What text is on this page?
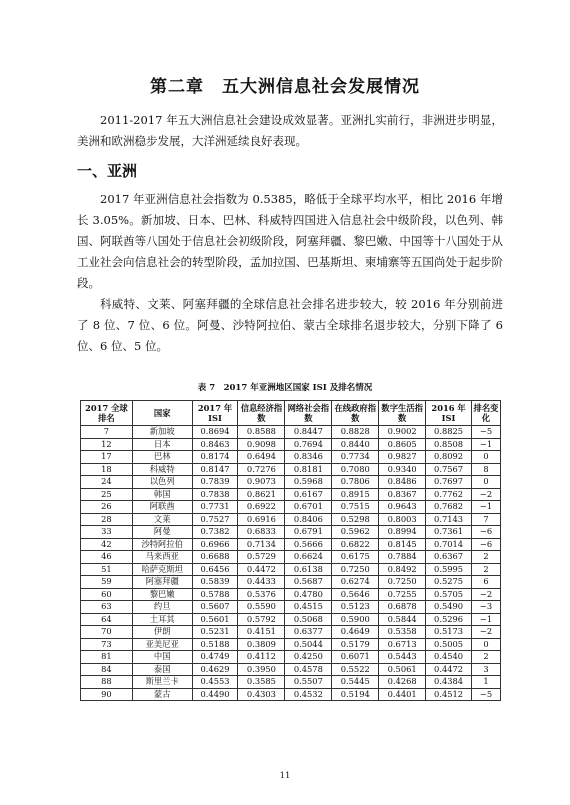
第二章 五大洲信息社会发展情况

2011-2017 年五大洲信息社会建设成效显著。亚洲扎实前行，非洲进步明显，美洲和欧洲稳步发展，大洋洲延续良好表现。

一、亚洲

2017 年亚洲信息社会指数为 0.5385，略低于全球平均水平，相比 2016 年增长 3.05%。新加坡、日本、巴林、科威特四国进入信息社会中级阶段，以色列、韩国、阿联酋等八国处于信息社会初级阶段，阿塞拜疆、黎巴嫩、中国等十八国处于从工业社会向信息社会的转型阶段，孟加拉国、巴基斯坦、柬埔寨等五国尚处于起步阶段。

科威特、文莱、阿塞拜疆的全球信息社会排名进步较大，较 2016 年分别前进了 8 位、7 位、6 位。阿曼、沙特阿拉伯、蒙古全球排名退步较大，分别下降了 6 位、6 位、5 位。

表 7　2017 年亚洲地区国家 ISI 及排名情况
2017 全球排名	国家	2017 年 ISI	信息经济指数	网络社会指数	在线政府指数	数字生活指数	2016 年 ISI	排名变化
7	新加坡	0.8694	0.8588	0.8447	0.8828	0.9002	0.8825	−5
12	日本	0.8463	0.9098	0.7694	0.8440	0.8605	0.8508	−1
17	巴林	0.8174	0.6494	0.8346	0.7734	0.9827	0.8092	0
18	科威特	0.8147	0.7276	0.8181	0.7080	0.9340	0.7567	8
24	以色列	0.7839	0.9073	0.5968	0.7806	0.8486	0.7697	0
25	韩国	0.7838	0.8621	0.6167	0.8915	0.8367	0.7762	−2
26	阿联酋	0.7731	0.6922	0.6701	0.7515	0.9643	0.7682	−1
28	文莱	0.7527	0.6916	0.8406	0.5298	0.8003	0.7143	7
33	阿曼	0.7382	0.6833	0.6791	0.5962	0.8994	0.7361	−6
42	沙特阿拉伯	0.6966	0.7134	0.5666	0.6822	0.8145	0.7014	−6
46	马来西亚	0.6688	0.5729	0.6624	0.6175	0.7884	0.6367	2
51	哈萨克斯坦	0.6456	0.4472	0.6138	0.7250	0.8492	0.5995	2
59	阿塞拜疆	0.5839	0.4433	0.5687	0.6274	0.7250	0.5275	6
60	黎巴嫩	0.5788	0.5376	0.4780	0.5646	0.7255	0.5705	−2
63	约旦	0.5607	0.5590	0.4515	0.5123	0.6878	0.5490	−3
64	土耳其	0.5601	0.5792	0.5068	0.5900	0.5844	0.5296	−1
70	伊朗	0.5231	0.4151	0.6377	0.4649	0.5358	0.5173	−2
73	亚美尼亚	0.5188	0.3809	0.5044	0.5179	0.6713	0.5005	0
81	中国	0.4749	0.4112	0.4250	0.6071	0.5443	0.4540	2
84	泰国	0.4629	0.3950	0.4578	0.5522	0.5061	0.4472	3
88	斯里兰卡	0.4553	0.3585	0.5507	0.5445	0.4268	0.4384	1
90	蒙古	0.4490	0.4303	0.4532	0.5194	0.4401	0.4512	−5
11
